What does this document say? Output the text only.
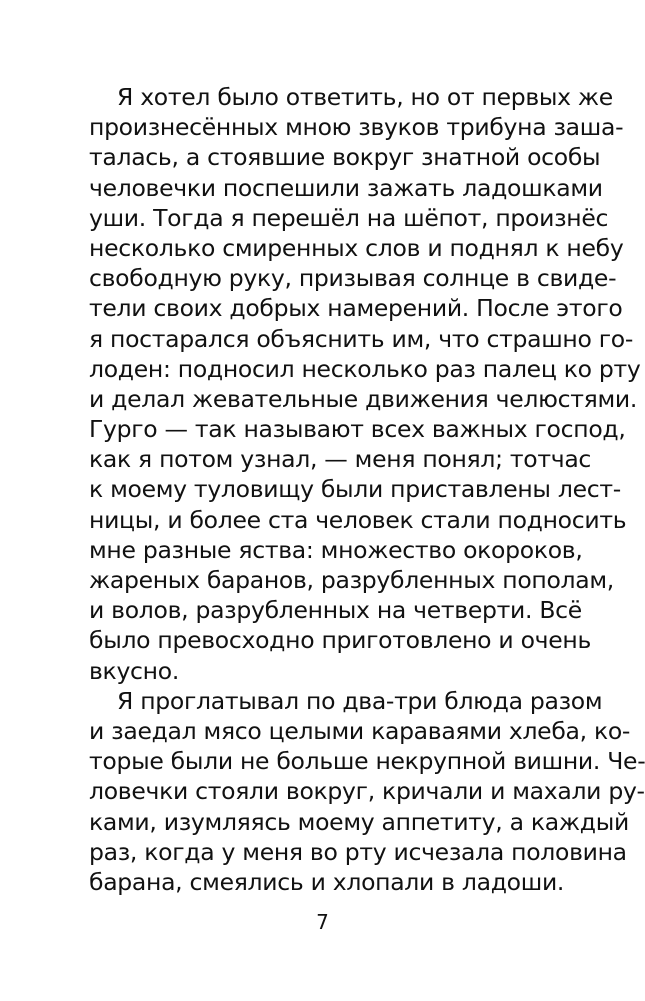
Я хотел было ответить, но от первых же
произнесённых мною звуков трибуна заша-
талась, а стоявшие вокруг знатной особы
человечки поспешили зажать ладошками
уши. Тогда я перешёл на шёпот, произнёс
несколько смиренных слов и поднял к небу
свободную руку, призывая солнце в свиде-
тели своих добрых намерений. После этого
я постарался объяснить им, что страшно го-
лоден: подносил несколько раз палец ко рту
и делал жевательные движения челюстями.
Гурго — так называют всех важных господ,
как я потом узнал, — меня понял; тотчас
к моему туловищу были приставлены лест-
ницы, и более ста человек стали подносить
мне разные яства: множество окороков,
жареных баранов, разрубленных пополам,
и волов, разрубленных на четверти. Всё
было превосходно приготовлено и очень
вкусно.
Я проглатывал по два-три блюда разом
и заедал мясо целыми караваями хлеба, ко-
торые были не больше некрупной вишни. Че-
ловечки стояли вокруг, кричали и махали ру-
ками, изумляясь моему аппетиту, а каждый
раз, когда у меня во рту исчезала половина
барана, смеялись и хлопали в ладоши.
7
